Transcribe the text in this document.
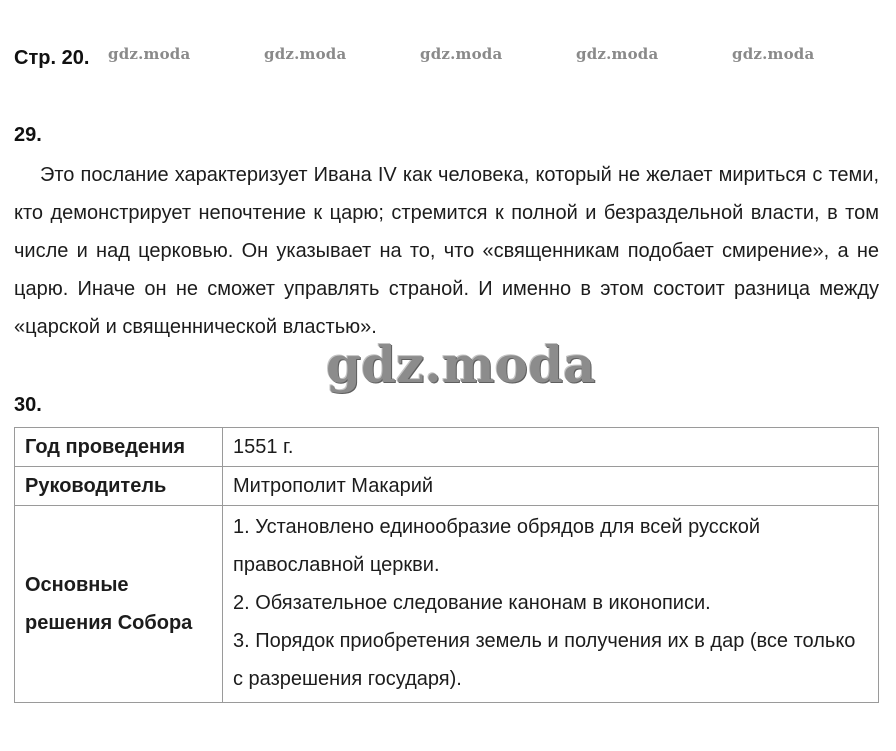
Стр. 20. gdz.moda	gdz.moda	gdz.moda	gdz.moda	gdz.moda
29.

Это послание характеризует Ивана IV как человека, который не желает мириться с теми, кто демонстрирует непочтение к царю; стремится к полной и безраздельной власти, в том числе и над церковью. Он указывает на то, что «священникам подобает смирение», а не царю. Иначе он не сможет управлять страной. И именно в этом состоит разница между «царской и священнической властью».

gdz.moda
30.
Год проведения	1551 г.
Руководитель	Митрополит Макарий
Основные решения Собора	1. Установлено единообразие обрядов для всей русской православной церкви.
2. Обязательное следование канонам в иконописи.
3. Порядок приобретения земель и получения их в дар (все только с разрешения государя).
